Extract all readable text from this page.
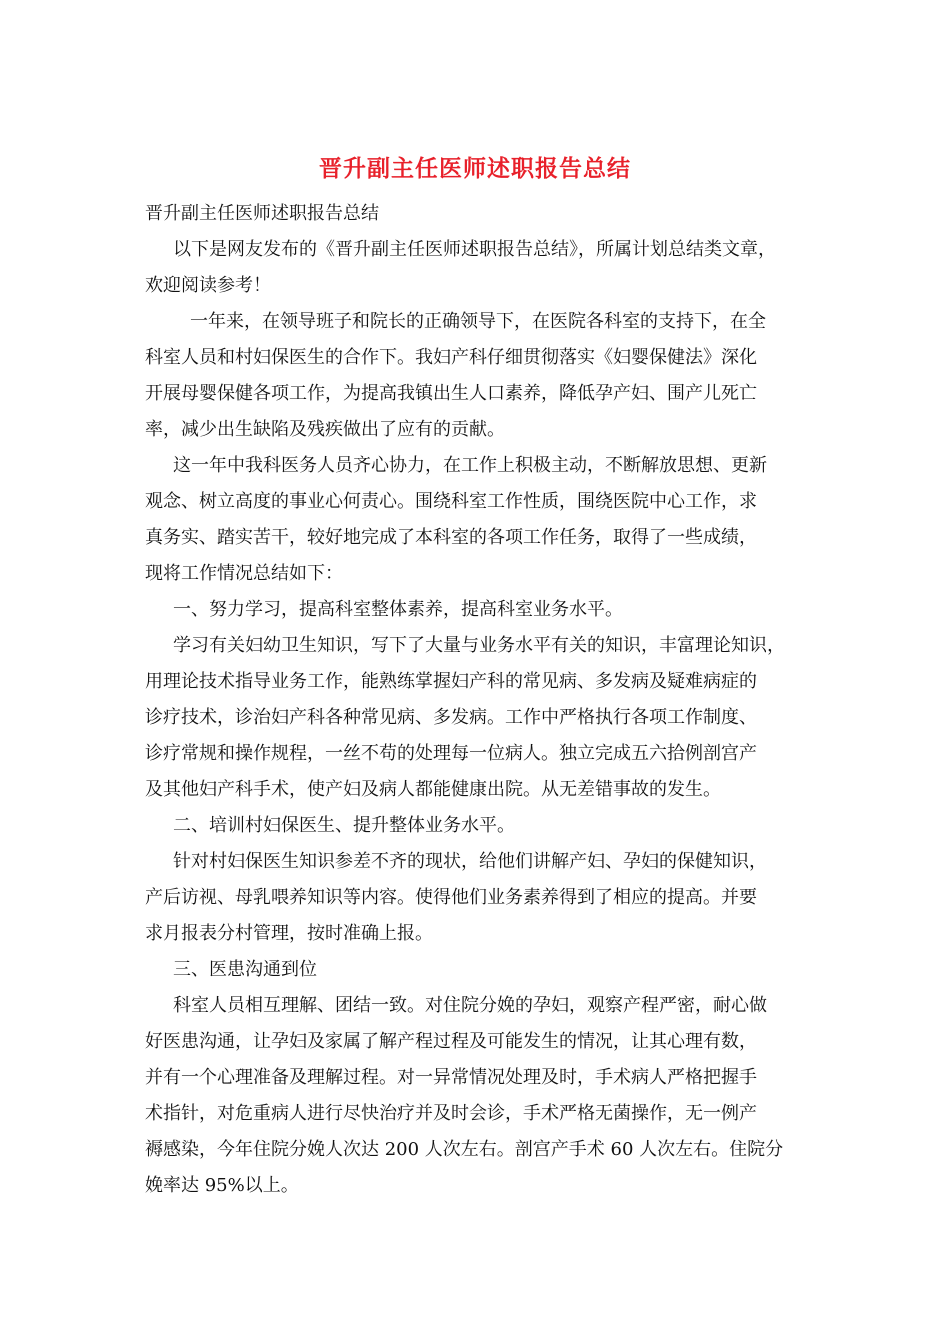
晋升副主任医师述职报告总结

晋升副主任医师述职报告总结

以下是网友发布的《晋升副主任医师述职报告总结》，所属计划总结类文章，

欢迎阅读参考！

一年来，在领导班子和院长的正确领导下，在医院各科室的支持下，在全

科室人员和村妇保医生的合作下。我妇产科仔细贯彻落实《妇婴保健法》深化

开展母婴保健各项工作，为提高我镇出生人口素养，降低孕产妇、围产儿死亡

率，减少出生缺陷及残疾做出了应有的贡献。

这一年中我科医务人员齐心协力，在工作上积极主动，不断解放思想、更新

观念、树立高度的事业心何责心。围绕科室工作性质，围绕医院中心工作，求

真务实、踏实苦干，较好地完成了本科室的各项工作任务，取得了一些成绩，

现将工作情况总结如下：

一、努力学习，提高科室整体素养，提高科室业务水平。

学习有关妇幼卫生知识，写下了大量与业务水平有关的知识，丰富理论知识，

用理论技术指导业务工作，能熟练掌握妇产科的常见病、多发病及疑难病症的

诊疗技术，诊治妇产科各种常见病、多发病。工作中严格执行各项工作制度、

诊疗常规和操作规程，一丝不苟的处理每一位病人。独立完成五六拾例剖宫产

及其他妇产科手术，使产妇及病人都能健康出院。从无差错事故的发生。

二、培训村妇保医生、提升整体业务水平。

针对村妇保医生知识参差不齐的现状，给他们讲解产妇、孕妇的保健知识，

产后访视、母乳喂养知识等内容。使得他们业务素养得到了相应的提高。并要

求月报表分村管理，按时准确上报。

三、医患沟通到位

科室人员相互理解、团结一致。对住院分娩的孕妇，观察产程严密，耐心做

好医患沟通，让孕妇及家属了解产程过程及可能发生的情况，让其心理有数，

并有一个心理准备及理解过程。对一异常情况处理及时，手术病人严格把握手

术指针，对危重病人进行尽快治疗并及时会诊，手术严格无菌操作，无一例产

褥感染，今年住院分娩人次达 200 人次左右。剖宫产手术 60 人次左右。住院分

娩率达 95%以上。
